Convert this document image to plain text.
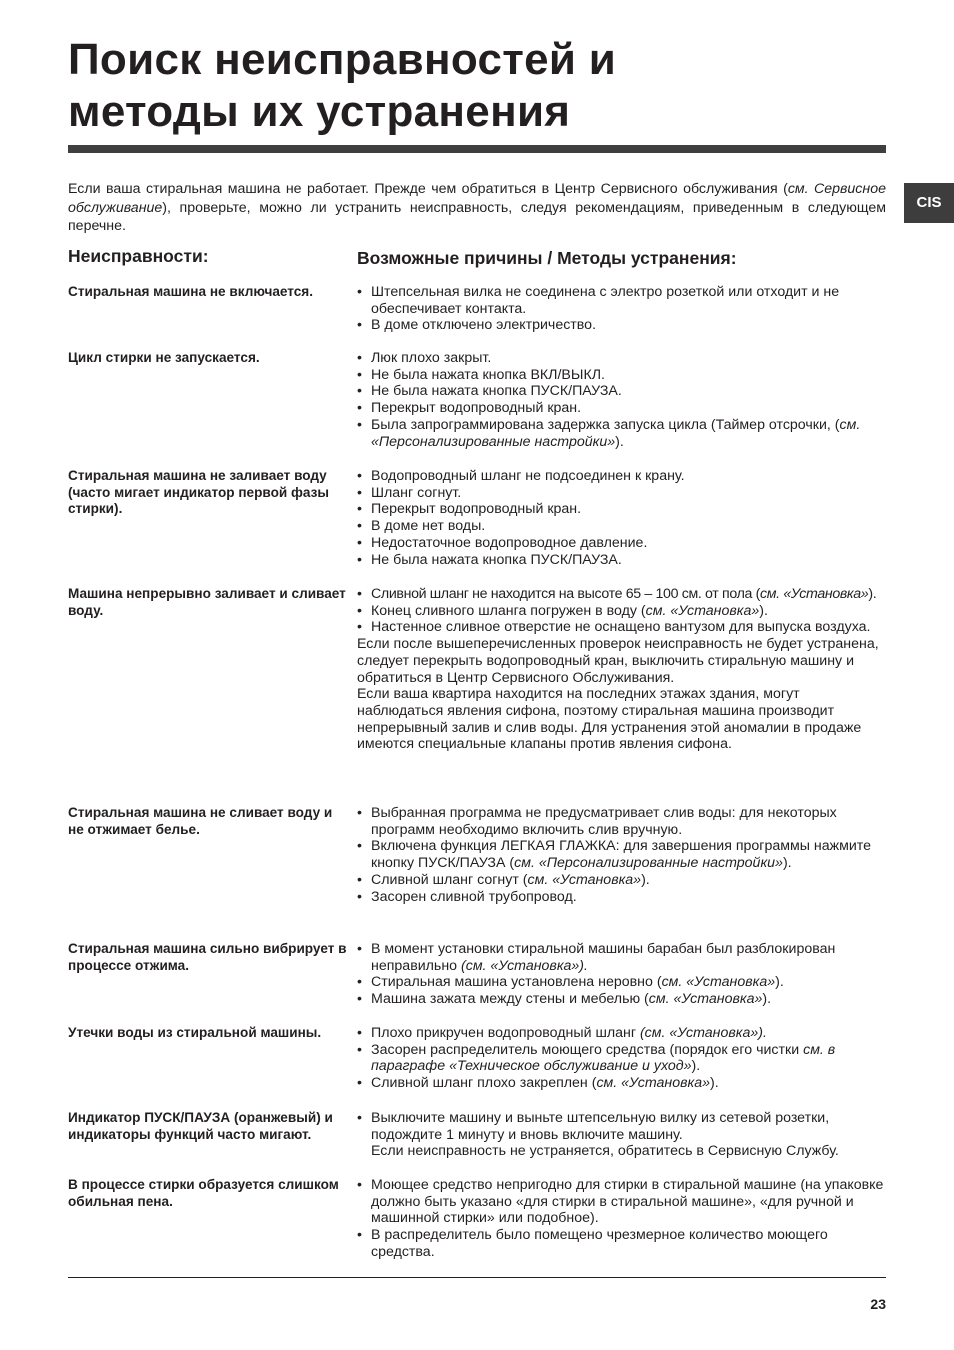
Поиск неисправностей и
методы их устранения
CIS

Если ваша стиральная машина не работает. Прежде чем обратиться в Центр Сервисного обслуживания (см. Сервисное обслуживание), проверьте, можно ли устранить неисправность, следуя рекомендациям, приведенным в следующем перечне.

Неисправности:	Возможные причины / Методы устранения:
Стиральная машина не включается.	• Штепсельная вилка не соединена с электро розеткой или отходит и не обеспечивает контакта.
• В доме отключено электричество.
Цикл стирки не запускается.	• Люк плохо закрыт.
• Не была нажата кнопка ВКЛ/ВЫКЛ.
• Не была нажата кнопка ПУСК/ПАУЗА.
• Перекрыт водопроводный кран.
• Была запрограммирована задержка запуска цикла (Таймер отсрочки, (см. «Персонализированные настройки»).
Стиральная машина не заливает воду (часто мигает индикатор первой фазы стирки).
• Водопроводный шланг не подсоединен к крану.
• Шланг согнут.
• Перекрыт водопроводный кран.
• В доме нет воды.
• Недостаточное водопроводное давление.
• Не была нажата кнопка ПУСК/ПАУЗА.
Машина непрерывно заливает и сливает воду.
• Сливной шланг не находится на высоте 65 – 100 см. от пола (см. «Установка»).
• Конец сливного шланга погружен в воду (см. «Установка»).
• Настенное сливное отверстие не оснащено вантузом для выпуска воздуха.

Если после вышеперечисленных проверок неисправность не будет устранена, следует перекрыть водопроводный кран, выключить стиральную машину и обратиться в Центр Сервисного Обслуживания.

Если ваша квартира находится на последних этажах здания, могут наблюдаться явления сифона, поэтому стиральная машина производит непрерывный залив и слив воды. Для устранения этой аномалии в продаже имеются специальные клапаны против явления сифона.

Стиральная машина не сливает воду и не отжимает белье.
• Выбранная программа не предусматривает слив воды: для некоторых программ необходимо включить слив вручную.
• Включена функция ЛЕГКАЯ ГЛАЖКА: для завершения программы нажмите кнопку ПУСК/ПАУЗА (см. «Персонализированные настройки»).
• Сливной шланг согнут (см. «Установка»).
• Засорен сливной трубопровод.
Стиральная машина сильно вибрирует в процессе отжима.
• В момент установки стиральной машины барабан был разблокирован неправильно (см. «Установка»).
• Стиральная машина установлена неровно (см. «Установка»).
• Машина зажата между стены и мебелью (см. «Установка»).
Утечки воды из стиральной машины.	• Плохо прикручен водопроводный шланг (см. «Установка»).
• Засорен распределитель моющего средства (порядок его чистки см. в параграфе «Техническое обслуживание и уход»).
• Сливной шланг плохо закреплен (см. «Установка»).
Индикатор ПУСК/ПАУЗА (оранжевый) и индикаторы функций часто мигают.
• Выключите машину и выньте штепсельную вилку из сетевой розетки, подождите 1 минуту и вновь включите машину.
Если неисправность не устраняется, обратитесь в Сервисную Службу.
В процессе стирки образуется слишком обильная пена.
• Моющее средство непригодно для стирки в стиральной машине (на упаковке должно быть указано «для стирки в стиральной машине», «для ручной и машинной стирки» или подобное).
• В распределитель было помещено чрезмерное количество моющего средства.
23
